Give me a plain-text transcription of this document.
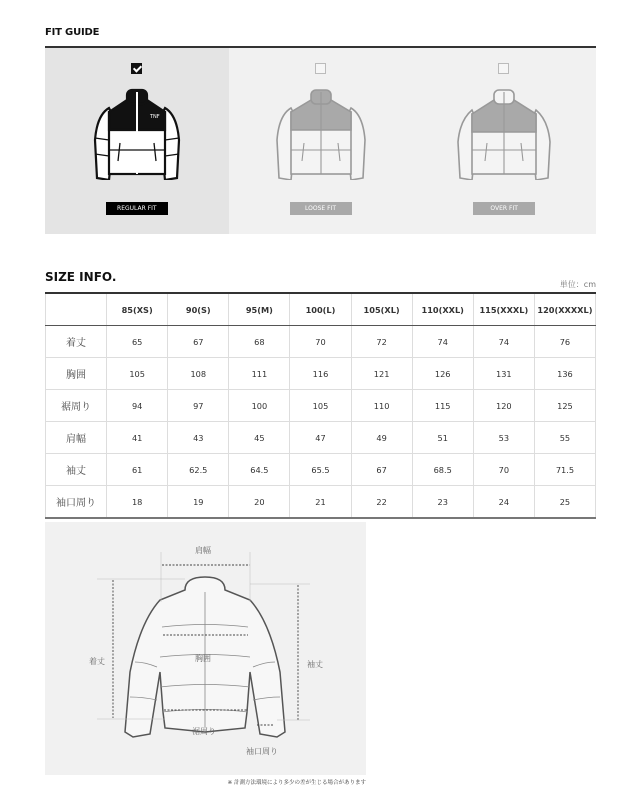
FIT GUIDE
TNF
REGULAR FIT	LOOSE FIT	OVER FIT
SIZE INFO.
単位：cm
	85(XS)	90(S)	95(M)	100(L)	105(XL)	110(XXL)	115(XXXL)	120(XXXXL)
着丈	65	67	68	70	72	74	74	76
胸囲	105	108	111	116	121	126	131	136
裾周り	94	97	100	105	110	115	120	125
肩幅	41	43	45	47	49	51	53	55
袖丈	61	62.5	64.5	65.5	67	68.5	70	71.5
袖口周り	18	19	20	21	22	23	24	25
肩幅
着丈	胸囲
袖丈
裾周り
袖口周り
※ 計測方法環境により多少の差が生じる場合があります
